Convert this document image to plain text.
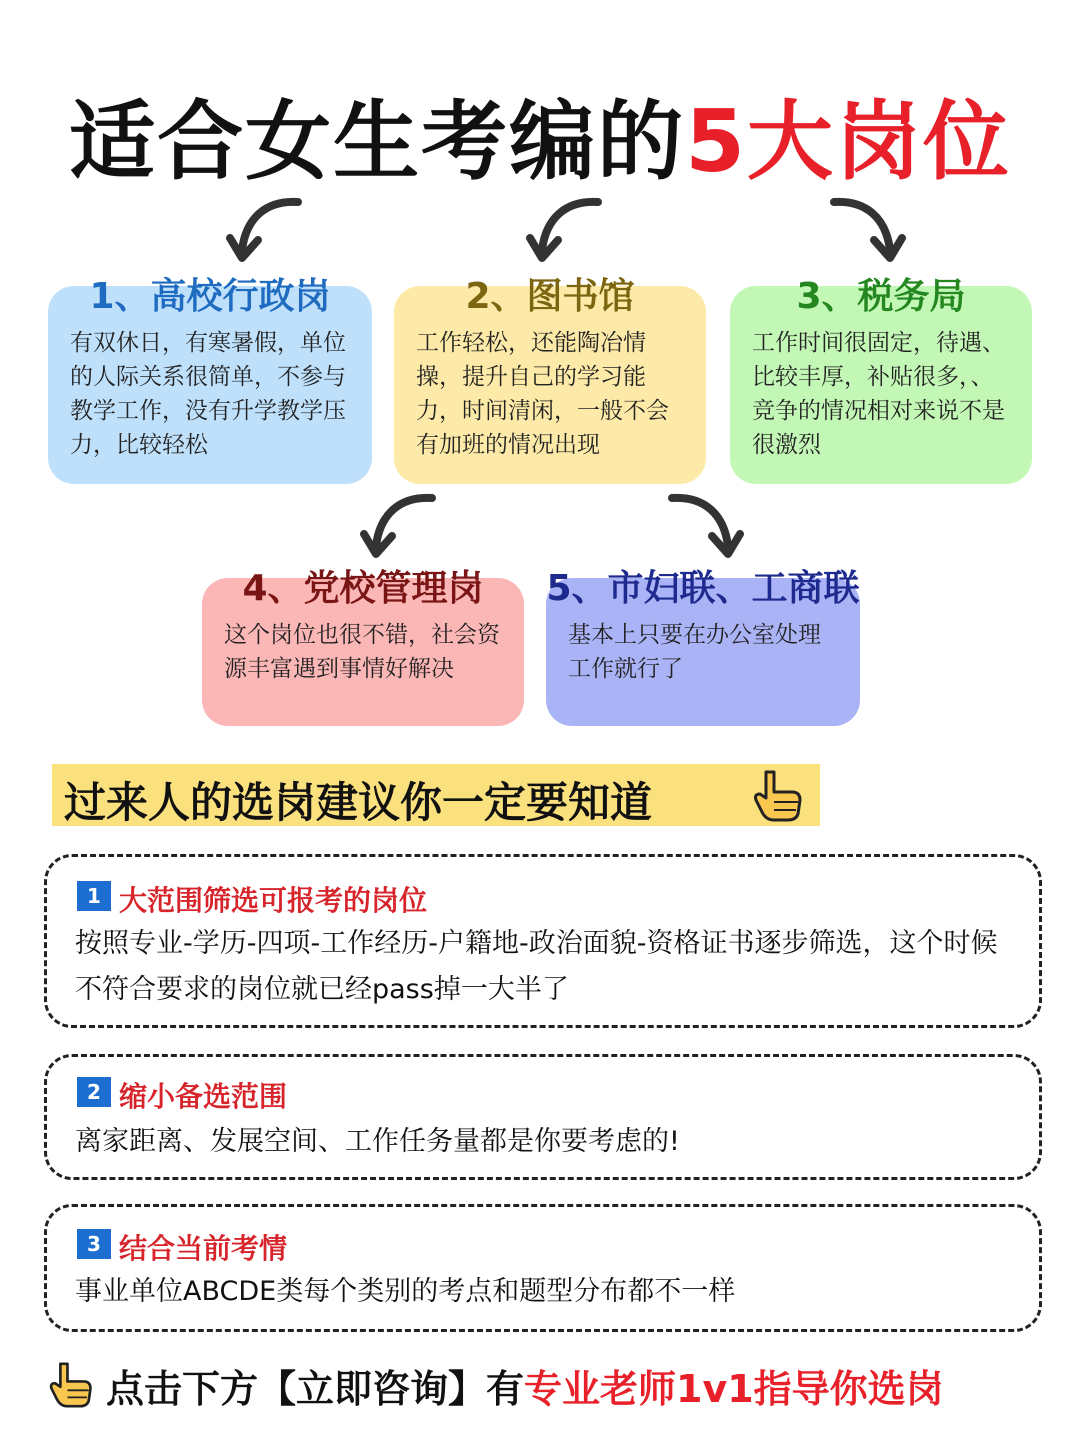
适合女生考编的5大岗位
1、高校行政岗
有双休日，有寒暑假，单位的人际关系很简单，不参与教学工作，没有升学教学压力，比较轻松
2、图书馆
工作轻松，还能陶冶情操，提升自己的学习能力，时间清闲，一般不会有加班的情况出现
3、税务局
工作时间很固定，待遇、比较丰厚，补贴很多，、竞争的情况相对来说不是很激烈
4、党校管理岗
这个岗位也很不错，社会资源丰富遇到事情好解决
5、市妇联、工商联
基本上只要在办公室处理工作就行了
过来人的选岗建议你一定要知道
1 大范围筛选可报考的岗位
按照专业-学历-四项-工作经历-户籍地-政治面貌-资格证书逐步筛选，这个时候不符合要求的岗位就已经pass掉一大半了
2 缩小备选范围
离家距离、发展空间、工作任务量都是你要考虑的!
3 结合当前考情
事业单位ABCDE类每个类别的考点和题型分布都不一样
点击下方【立即咨询】有专业老师1v1指导你选岗
